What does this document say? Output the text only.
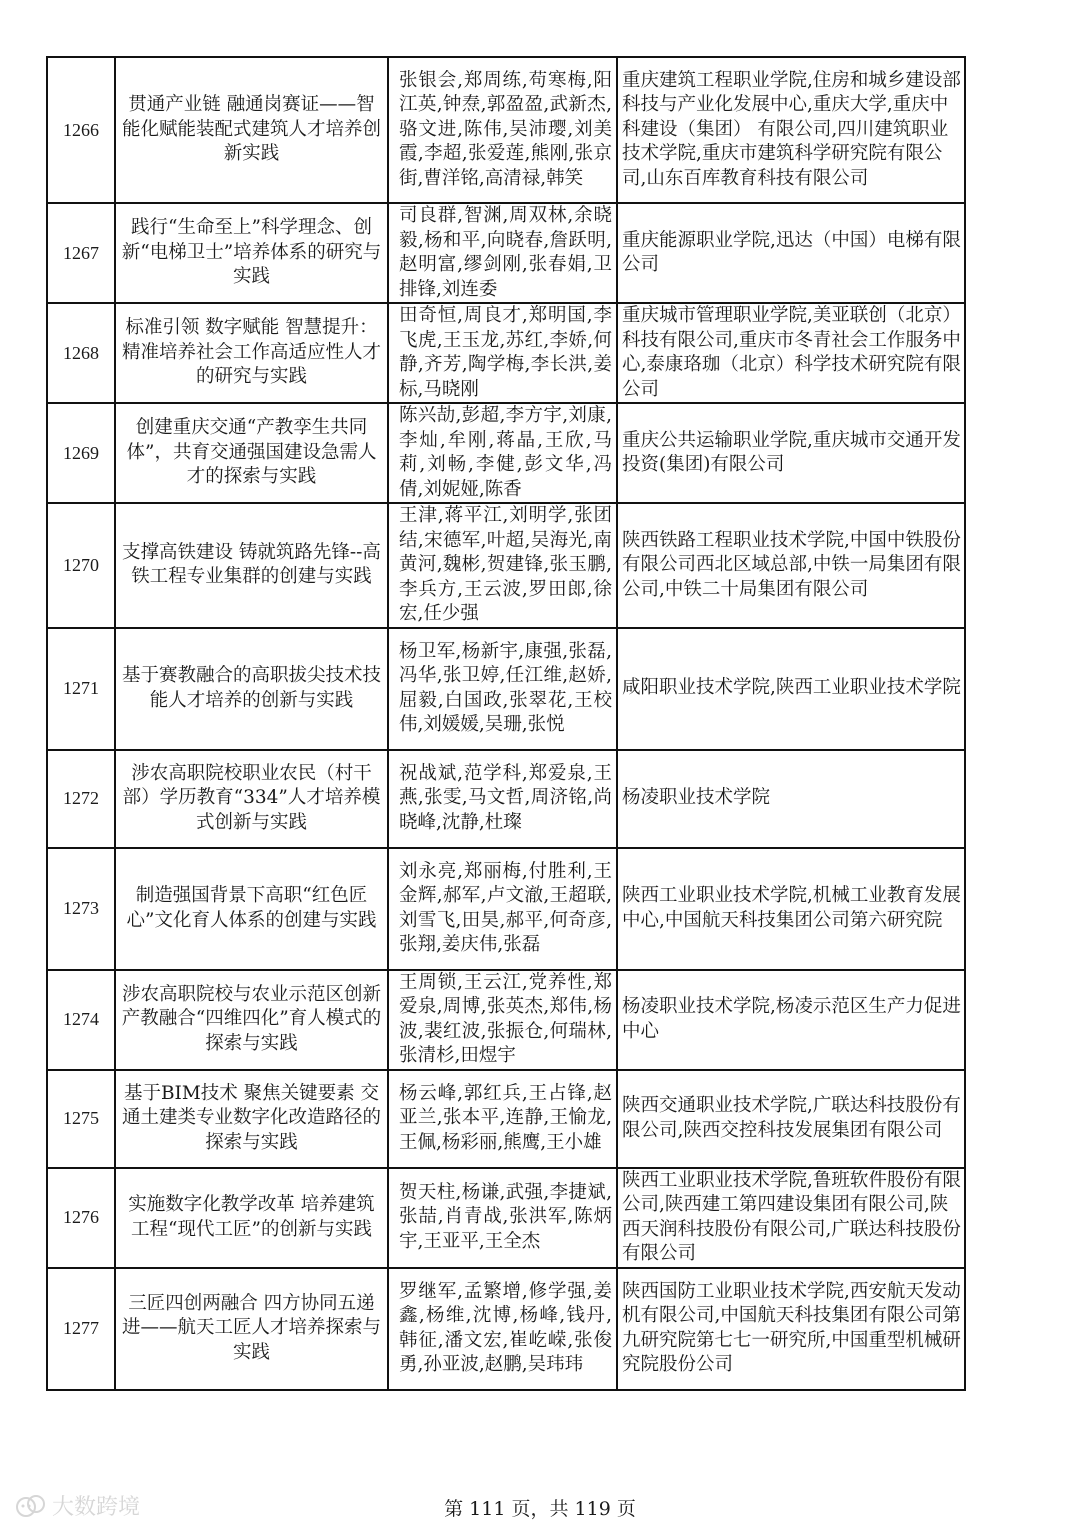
1266	贯通产业链 融通岗赛证——智能化赋能装配式建筑人才培养创新实践	张银会,郑周练,苟寒梅,阳江英,钟焘,郭盈盈,武新杰,骆文进,陈伟,吴沛璎,刘美霞,李超,张爱莲,熊刚,张京街,曹洋铭,高清禄,韩笑	重庆建筑工程职业学院,住房和城乡建设部科技与产业化发展中心,重庆大学,重庆中科建设（集团） 有限公司,四川建筑职业技术学院,重庆市建筑科学研究院有限公司,山东百库教育科技有限公司
1267	践行“生命至上”科学理念、创新“电梯卫士”培养体系的研究与实践	司良群,智渊,周双林,余晓毅,杨和平,向晓春,詹跃明,赵明富,缪剑刚,张春娟,卫排锋,刘连委	重庆能源职业学院,迅达（中国）电梯有限公司
1268	标准引领 数字赋能 智慧提升：精准培养社会工作高适应性人才的研究与实践	田奇恒,周良才,郑明国,李飞虎,王玉龙,苏红,李娇,何静,齐芳,陶学梅,李长洪,姜标,马晓刚	重庆城市管理职业学院,美亚联创（北京）科技有限公司,重庆市冬青社会工作服务中心,泰康珞珈（北京）科学技术研究院有限公司
1269	创建重庆交通“产教孪生共同体”，共育交通强国建设急需人才的探索与实践	陈兴劼,彭超,李方宇,刘康,李灿,牟刚,蒋晶,王欣,马莉,刘畅,李健,彭文华,冯倩,刘妮娅,陈香	重庆公共运输职业学院,重庆城市交通开发投资(集团)有限公司
1270	支撑高铁建设 铸就筑路先锋--高铁工程专业集群的创建与实践	王津,蒋平江,刘明学,张团结,宋德军,叶超,吴海光,南黄河,魏彬,贺建锋,张玉鹏,李兵方,王云波,罗田郎,徐宏,任少强	陕西铁路工程职业技术学院,中国中铁股份有限公司西北区域总部,中铁一局集团有限公司,中铁二十局集团有限公司
1271	基于赛教融合的高职拔尖技术技能人才培养的创新与实践	杨卫军,杨新宇,康强,张磊,冯华,张卫婷,任江维,赵娇,屈毅,白国政,张翠花,王校伟,刘媛媛,吴珊,张悦	咸阳职业技术学院,陕西工业职业技术学院
1272	涉农高职院校职业农民（村干部）学历教育“334”人才培养模式创新与实践	祝战斌,范学科,郑爱泉,王燕,张雯,马文哲,周济铭,尚晓峰,沈静,杜璨	杨凌职业技术学院
1273	制造强国背景下高职“红色匠心”文化育人体系的创建与实践	刘永亮,郑丽梅,付胜利,王金辉,郝军,卢文澈,王超联,刘雪飞,田昊,郝平,何奇彦,张翔,姜庆伟,张磊	陕西工业职业技术学院,机械工业教育发展中心,中国航天科技集团公司第六研究院
1274	涉农高职院校与农业示范区创新产教融合“四维四化”育人模式的探索与实践	王周锁,王云江,党养性,郑爱泉,周博,张英杰,郑伟,杨波,裴红波,张振仓,何瑞林,张清杉,田煜宇	杨凌职业技术学院,杨凌示范区生产力促进中心
1275	基于BIM技术 聚焦关键要素 交通土建类专业数字化改造路径的探索与实践	杨云峰,郭红兵,王占锋,赵亚兰,张本平,连静,王愉龙,王佩,杨彩丽,熊鹰,王小雄	陕西交通职业技术学院,广联达科技股份有限公司,陕西交控科技发展集团有限公司
1276	实施数字化教学改革 培养建筑工程“现代工匠”的创新与实践	贺天柱,杨谦,武强,李捷斌,张喆,肖青战,张洪军,陈炳宇,王亚平,王全杰	陕西工业职业技术学院,鲁班软件股份有限公司,陕西建工第四建设集团有限公司,陕西天润科技股份有限公司,广联达科技股份有限公司
1277	三匠四创两融合 四方协同五递进——航天工匠人才培养探索与实践	罗继军,孟繁增,修学强,姜鑫,杨维,沈博,杨峰,钱丹,韩征,潘文宏,崔屹嵘,张俊勇,孙亚波,赵鹏,吴玮玮	陕西国防工业职业技术学院,西安航天发动机有限公司,中国航天科技集团有限公司第九研究院第七七一研究所,中国重型机械研究院股份公司
第 111 页，共 119 页
大数跨境
